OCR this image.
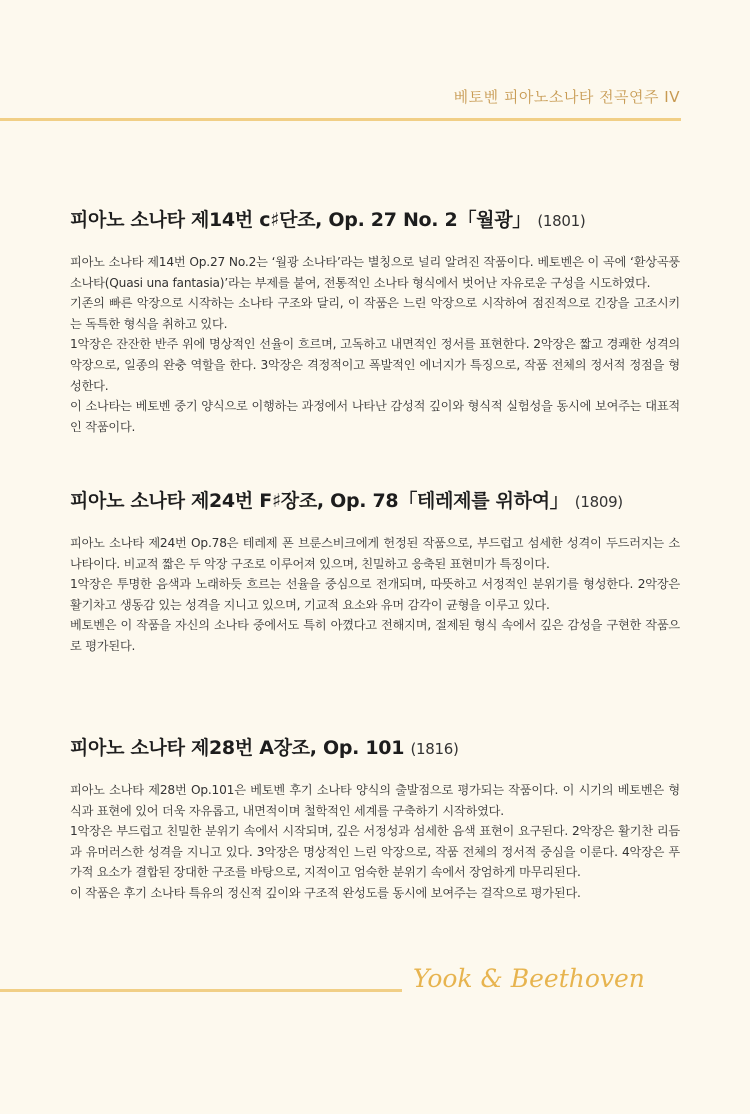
베토벤 피아노소나타 전곡연주 IV
피아노 소나타 제14번 c♯단조, Op. 27 No. 2「월광」 (1801)

피아노 소나타 제14번 Op.27 No.2는 ‘월광 소나타’라는 별칭으로 널리 알려진 작품이다. 베토벤은 이 곡에 ‘환상곡풍 소나타(Quasi una fantasia)’라는 부제를 붙여, 전통적인 소나타 형식에서 벗어난 자유로운 구성을 시도하였다.

기존의 빠른 악장으로 시작하는 소나타 구조와 달리, 이 작품은 느린 악장으로 시작하여 점진적으로 긴장을 고조시키는 독특한 형식을 취하고 있다.

1악장은 잔잔한 반주 위에 명상적인 선율이 흐르며, 고독하고 내면적인 정서를 표현한다. 2악장은 짧고 경쾌한 성격의 악장으로, 일종의 완충 역할을 한다. 3악장은 격정적이고 폭발적인 에너지가 특징으로, 작품 전체의 정서적 정점을 형성한다.

이 소나타는 베토벤 중기 양식으로 이행하는 과정에서 나타난 감성적 깊이와 형식적 실험성을 동시에 보여주는 대표적인 작품이다.

피아노 소나타 제24번 F♯장조, Op. 78「테레제를 위하여」 (1809)

피아노 소나타 제24번 Op.78은 테레제 폰 브룬스비크에게 헌정된 작품으로, 부드럽고 섬세한 성격이 두드러지는 소나타이다. 비교적 짧은 두 악장 구조로 이루어져 있으며, 친밀하고 응축된 표현미가 특징이다.

1악장은 투명한 음색과 노래하듯 흐르는 선율을 중심으로 전개되며, 따뜻하고 서정적인 분위기를 형성한다. 2악장은 활기차고 생동감 있는 성격을 지니고 있으며, 기교적 요소와 유머 감각이 균형을 이루고 있다.

베토벤은 이 작품을 자신의 소나타 중에서도 특히 아꼈다고 전해지며, 절제된 형식 속에서 깊은 감성을 구현한 작품으로 평가된다.

피아노 소나타 제28번 A장조, Op. 101 (1816)

피아노 소나타 제28번 Op.101은 베토벤 후기 소나타 양식의 출발점으로 평가되는 작품이다. 이 시기의 베토벤은 형식과 표현에 있어 더욱 자유롭고, 내면적이며 철학적인 세계를 구축하기 시작하였다.

1악장은 부드럽고 친밀한 분위기 속에서 시작되며, 깊은 서정성과 섬세한 음색 표현이 요구된다. 2악장은 활기찬 리듬과 유머러스한 성격을 지니고 있다. 3악장은 명상적인 느린 악장으로, 작품 전체의 정서적 중심을 이룬다. 4악장은 푸가적 요소가 결합된 장대한 구조를 바탕으로, 지적이고 엄숙한 분위기 속에서 장엄하게 마무리된다.

이 작품은 후기 소나타 특유의 정신적 깊이와 구조적 완성도를 동시에 보여주는 걸작으로 평가된다.

Yook & Beethoven
